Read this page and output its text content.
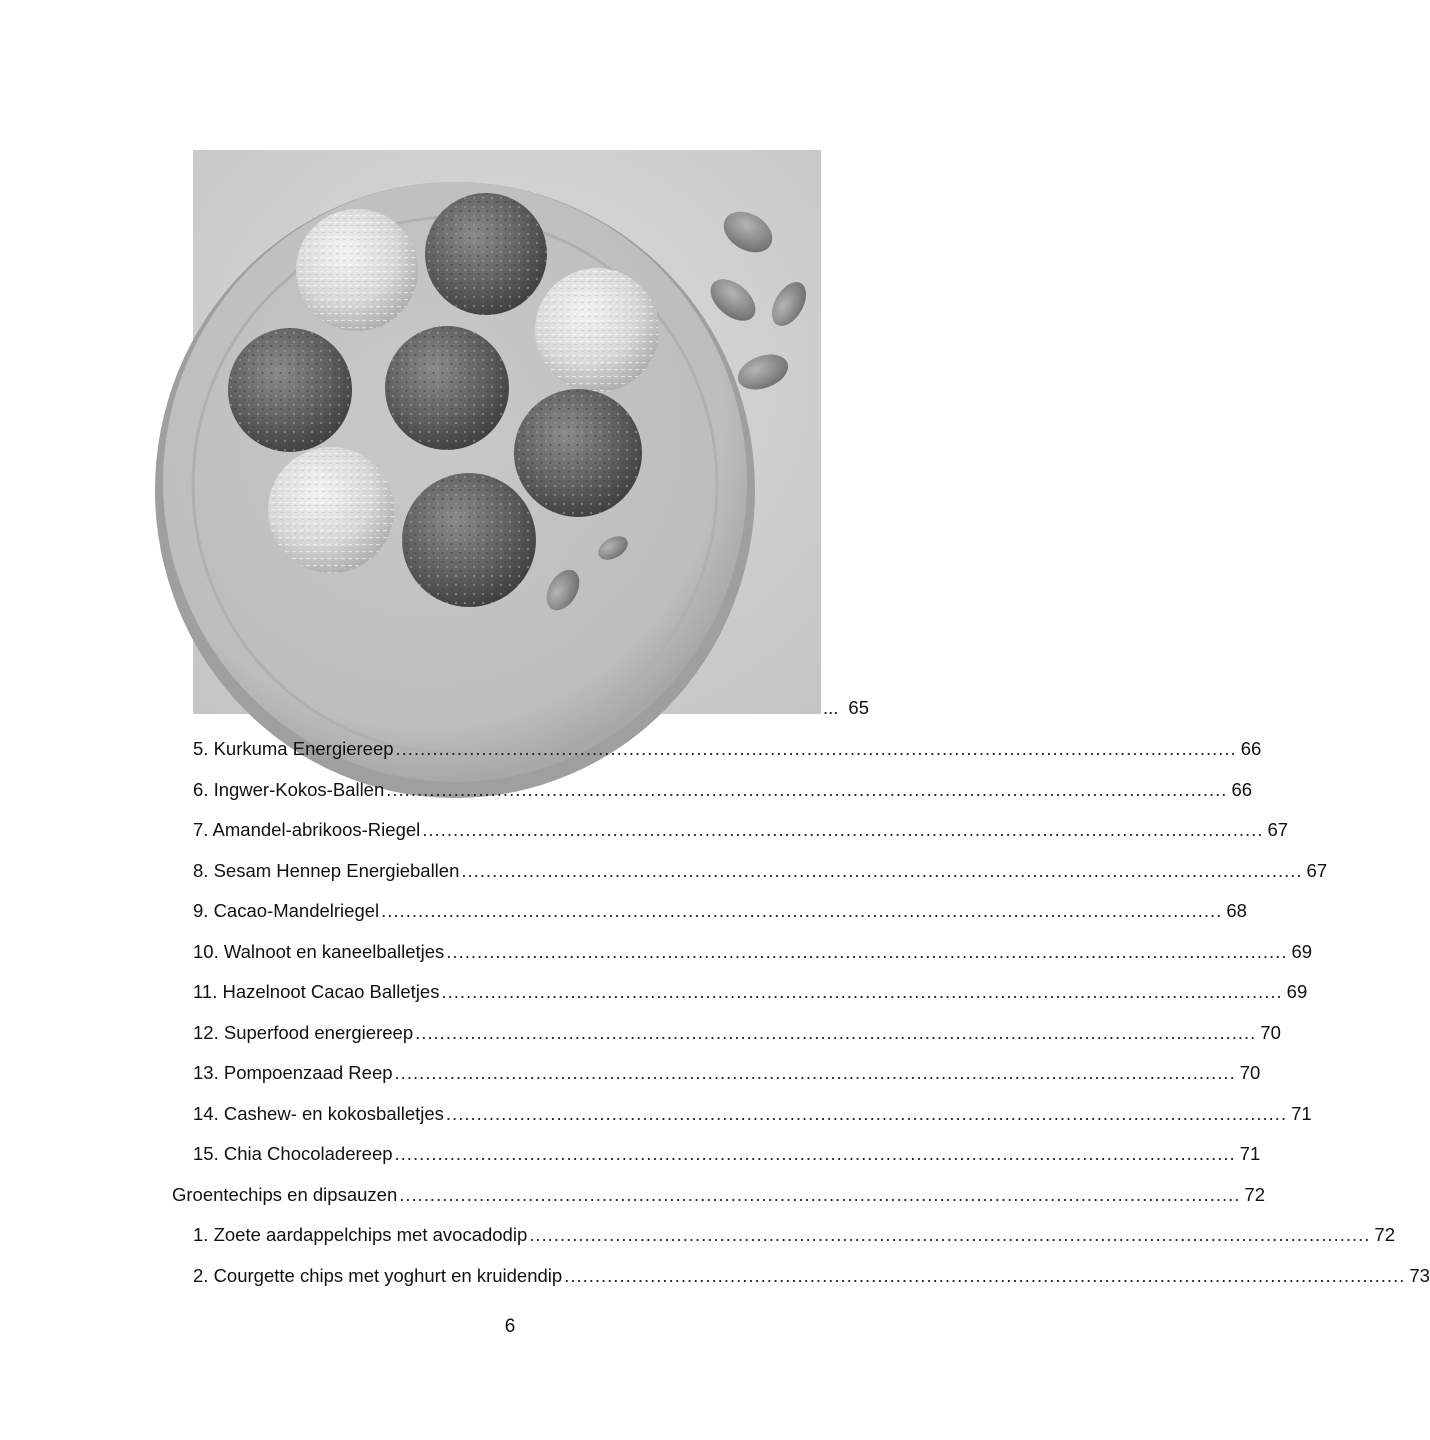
... 65
5. Kurkuma Energiereep ......................................................................................................................................... 66
6. Ingwer-Kokos-Ballen ......................................................................................................................................... 66
7. Amandel-abrikoos-Riegel ......................................................................................................................................... 67
8. Sesam Hennep Energieballen ......................................................................................................................................... 67
9. Cacao-Mandelriegel ......................................................................................................................................... 68
10. Walnoot en kaneelballetjes ......................................................................................................................................... 69
11. Hazelnoot Cacao Balletjes ......................................................................................................................................... 69
12. Superfood energiereep ......................................................................................................................................... 70
13. Pompoenzaad Reep ......................................................................................................................................... 70
14. Cashew- en kokosballetjes ......................................................................................................................................... 71
15. Chia Chocoladereep ......................................................................................................................................... 71
Groentechips en dipsauzen ......................................................................................................................................... 72
1. Zoete aardappelchips met avocadodip ......................................................................................................................................... 72
2. Courgette chips met yoghurt en kruidendip ......................................................................................................................................... 73
6
